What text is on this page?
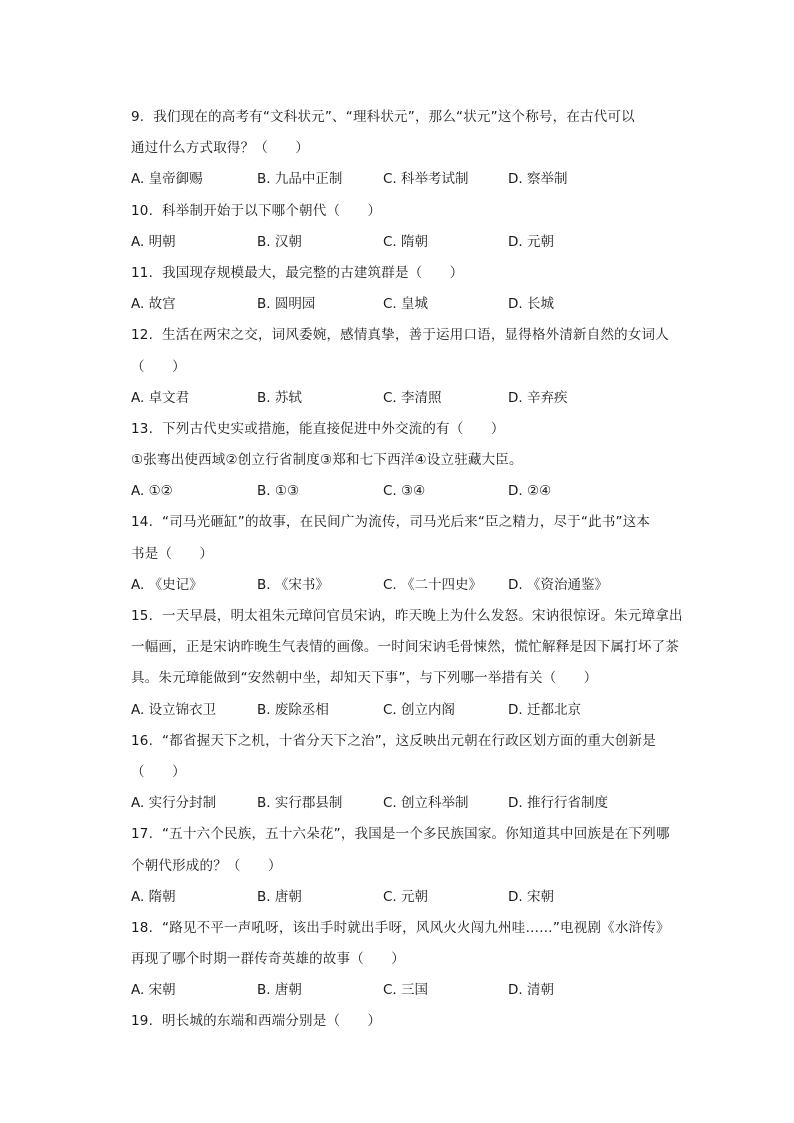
9.  我们现在的高考有“文科状元”、“理科状元”，那么“状元”这个称号，在古代可以
通过什么方式取得？（　　）
A. 皇帝御赐	B. 九品中正制	C. 科举考试制	D. 察举制
10.  科举制开始于以下哪个朝代（　　）
A. 明朝	B. 汉朝	C. 隋朝	D. 元朝
11.  我国现存规模最大，最完整的古建筑群是（　　）
A. 故宫	B. 圆明园	C. 皇城	D. 长城
12.  生活在两宋之交，词风委婉，感情真挚，善于运用口语，显得格外清新自然的女词人
（　　）
A. 卓文君	B. 苏轼	C. 李清照	D. 辛弃疾
13.  下列古代史实或措施，能直接促进中外交流的有（　　）
①张骞出使西域②创立行省制度③郑和七下西洋④设立驻藏大臣。
A. ①②	B. ①③	C. ③④	D. ②④
14.  “司马光砸缸”的故事，在民间广为流传，司马光后来“臣之精力，尽于“此书”这本
书是（　　）
A. 《史记》	B. 《宋书》	C. 《二十四史》 D. 《资治通鉴》
15.  一天早晨，明太祖朱元璋问官员宋讷，昨天晚上为什么发怒。宋讷很惊讶。朱元璋拿出
一幅画，正是宋讷昨晚生气表情的画像。一时间宋讷毛骨悚然，慌忙解释是因下属打坏了茶
具。朱元璋能做到“安然朝中坐，却知天下事”，与下列哪一举措有关（　　）
A. 设立锦衣卫	B. 废除丞相	C. 创立内阁	D. 迁都北京
16.  “都省握天下之机，十省分天下之治”，这反映出元朝在行政区划方面的重大创新是
（　　）
A. 实行分封制	B. 实行郡县制	C. 创立科举制	D. 推行行省制度
17.  “五十六个民族，五十六朵花”，我国是一个多民族国家。你知道其中回族是在下列哪
个朝代形成的？（　　）
A. 隋朝	B. 唐朝	C. 元朝	D. 宋朝
18.  “路见不平一声吼呀，该出手时就出手呀，风风火火闯九州哇……”电视剧《水浒传》
再现了哪个时期一群传奇英雄的故事（　　）
A. 宋朝	B. 唐朝	C. 三国	D. 清朝
19.  明长城的东端和西端分别是（　　）
